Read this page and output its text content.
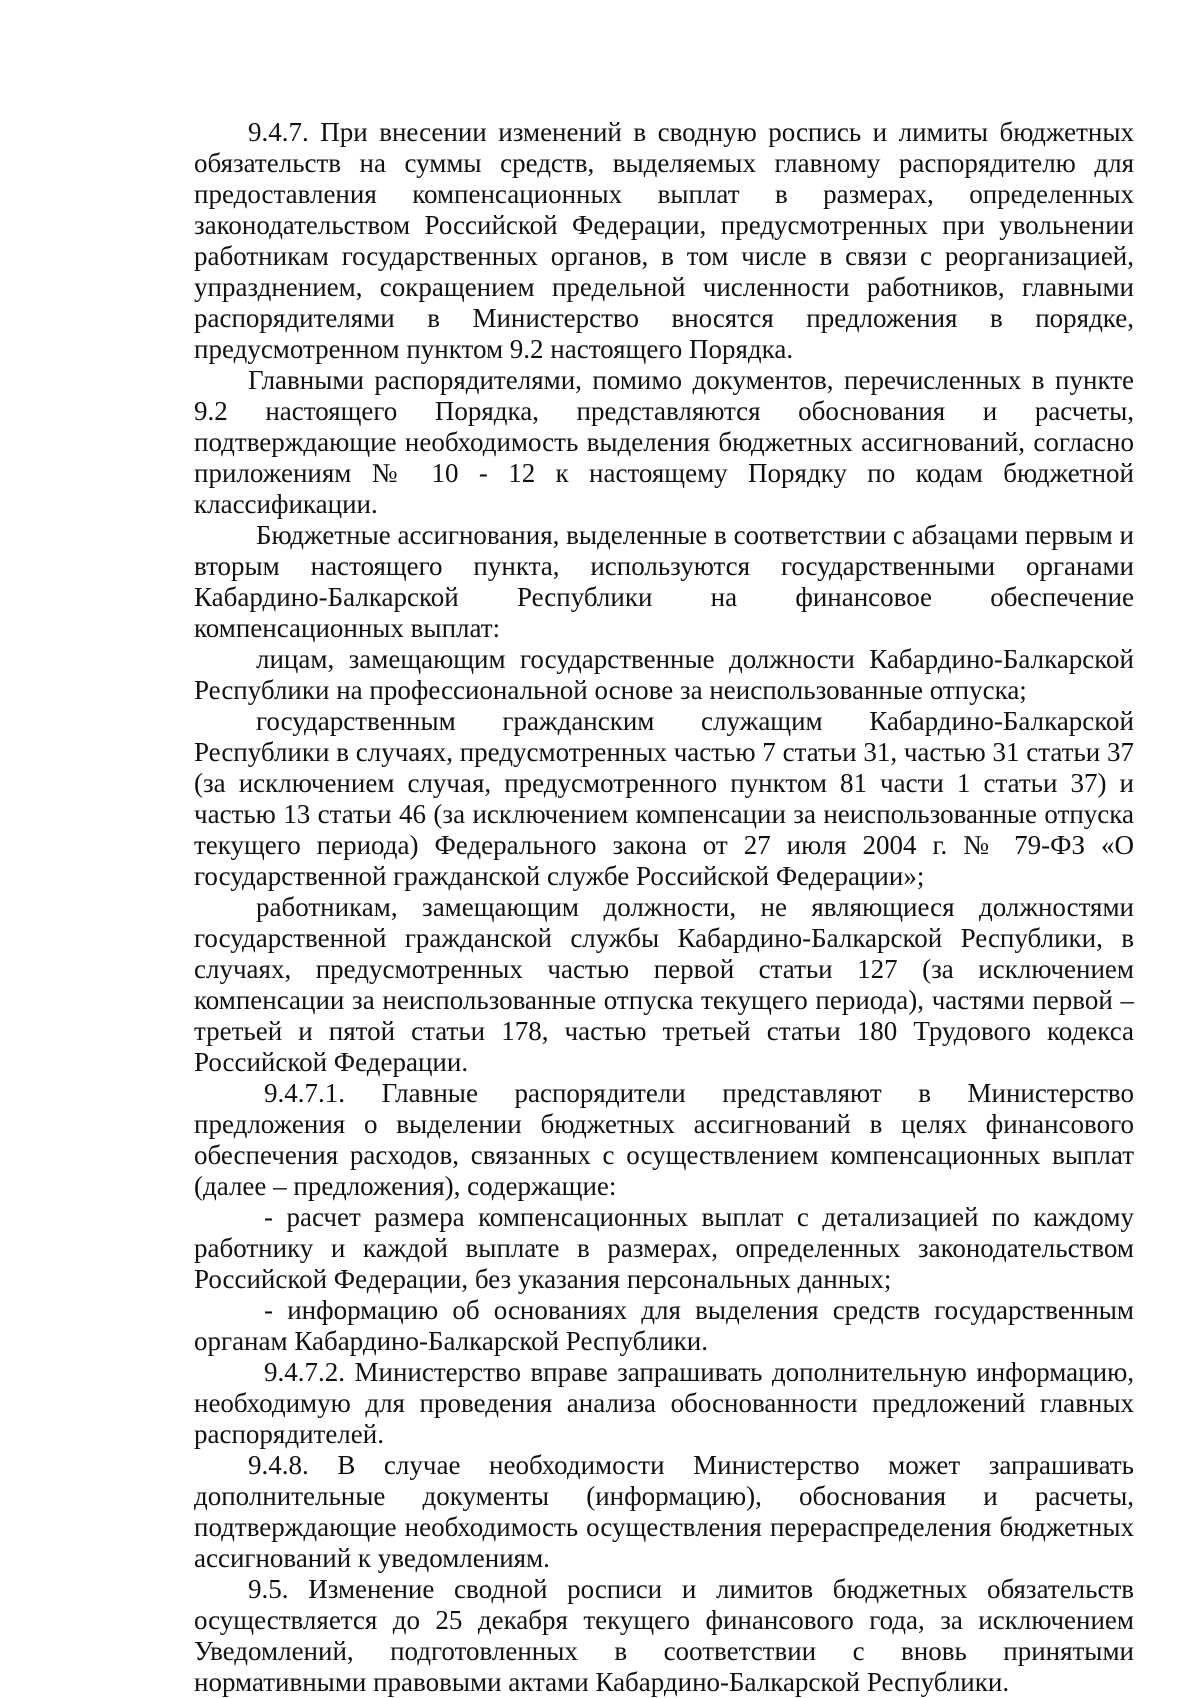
9.4.7. При внесении изменений в сводную роспись и лимиты бюджетных обязательств на суммы средств, выделяемых главному распорядителю для предоставления компенсационных выплат в размерах, определенных законодательством Российской Федерации, предусмотренных при увольнении работникам государственных органов, в том числе в связи с реорганизацией, упразднением, сокращением предельной численности работников, главными распорядителями в Министерство вносятся предложения в порядке, предусмотренном пунктом 9.2 настоящего Порядка.

Главными распорядителями, помимо документов, перечисленных в пункте 9.2 настоящего Порядка, представляются обоснования и расчеты, подтверждающие необходимость выделения бюджетных ассигнований, согласно приложениям № 10 - 12 к настоящему Порядку по кодам бюджетной классификации.

Бюджетные ассигнования, выделенные в соответствии с абзацами первым и вторым настоящего пункта, используются государственными органами Кабардино-Балкарской Республики на финансовое обеспечение компенсационных выплат:

лицам, замещающим государственные должности Кабардино-Балкарской Республики на профессиональной основе за неиспользованные отпуска;

государственным гражданским служащим Кабардино-Балкарской Республики в случаях, предусмотренных частью 7 статьи 31, частью 31 статьи 37 (за исключением случая, предусмотренного пунктом 81 части 1 статьи 37) и частью 13 статьи 46 (за исключением компенсации за неиспользованные отпуска текущего периода) Федерального закона от 27 июля 2004 г. № 79-ФЗ «О государственной гражданской службе Российской Федерации»;

работникам, замещающим должности, не являющиеся должностями государственной гражданской службы Кабардино-Балкарской Республики, в случаях, предусмотренных частью первой статьи 127 (за исключением компенсации за неиспользованные отпуска текущего периода), частями первой – третьей и пятой статьи 178, частью третьей статьи 180 Трудового кодекса Российской Федерации.

9.4.7.1. Главные распорядители представляют в Министерство предложения о выделении бюджетных ассигнований в целях финансового обеспечения расходов, связанных с осуществлением компенсационных выплат (далее – предложения), содержащие:

- расчет размера компенсационных выплат с детализацией по каждому работнику и каждой выплате в размерах, определенных законодательством Российской Федерации, без указания персональных данных;

- информацию об основаниях для выделения средств государственным органам Кабардино-Балкарской Республики.

9.4.7.2. Министерство вправе запрашивать дополнительную информацию, необходимую для проведения анализа обоснованности предложений главных распорядителей.

9.4.8. В случае необходимости Министерство может запрашивать дополнительные документы (информацию), обоснования и расчеты, подтверждающие необходимость осуществления перераспределения бюджетных ассигнований к уведомлениям.

9.5. Изменение сводной росписи и лимитов бюджетных обязательств осуществляется до 25 декабря текущего финансового года, за исключением Уведомлений, подготовленных в соответствии с вновь принятыми нормативными правовыми актами Кабардино-Балкарской Республики.
